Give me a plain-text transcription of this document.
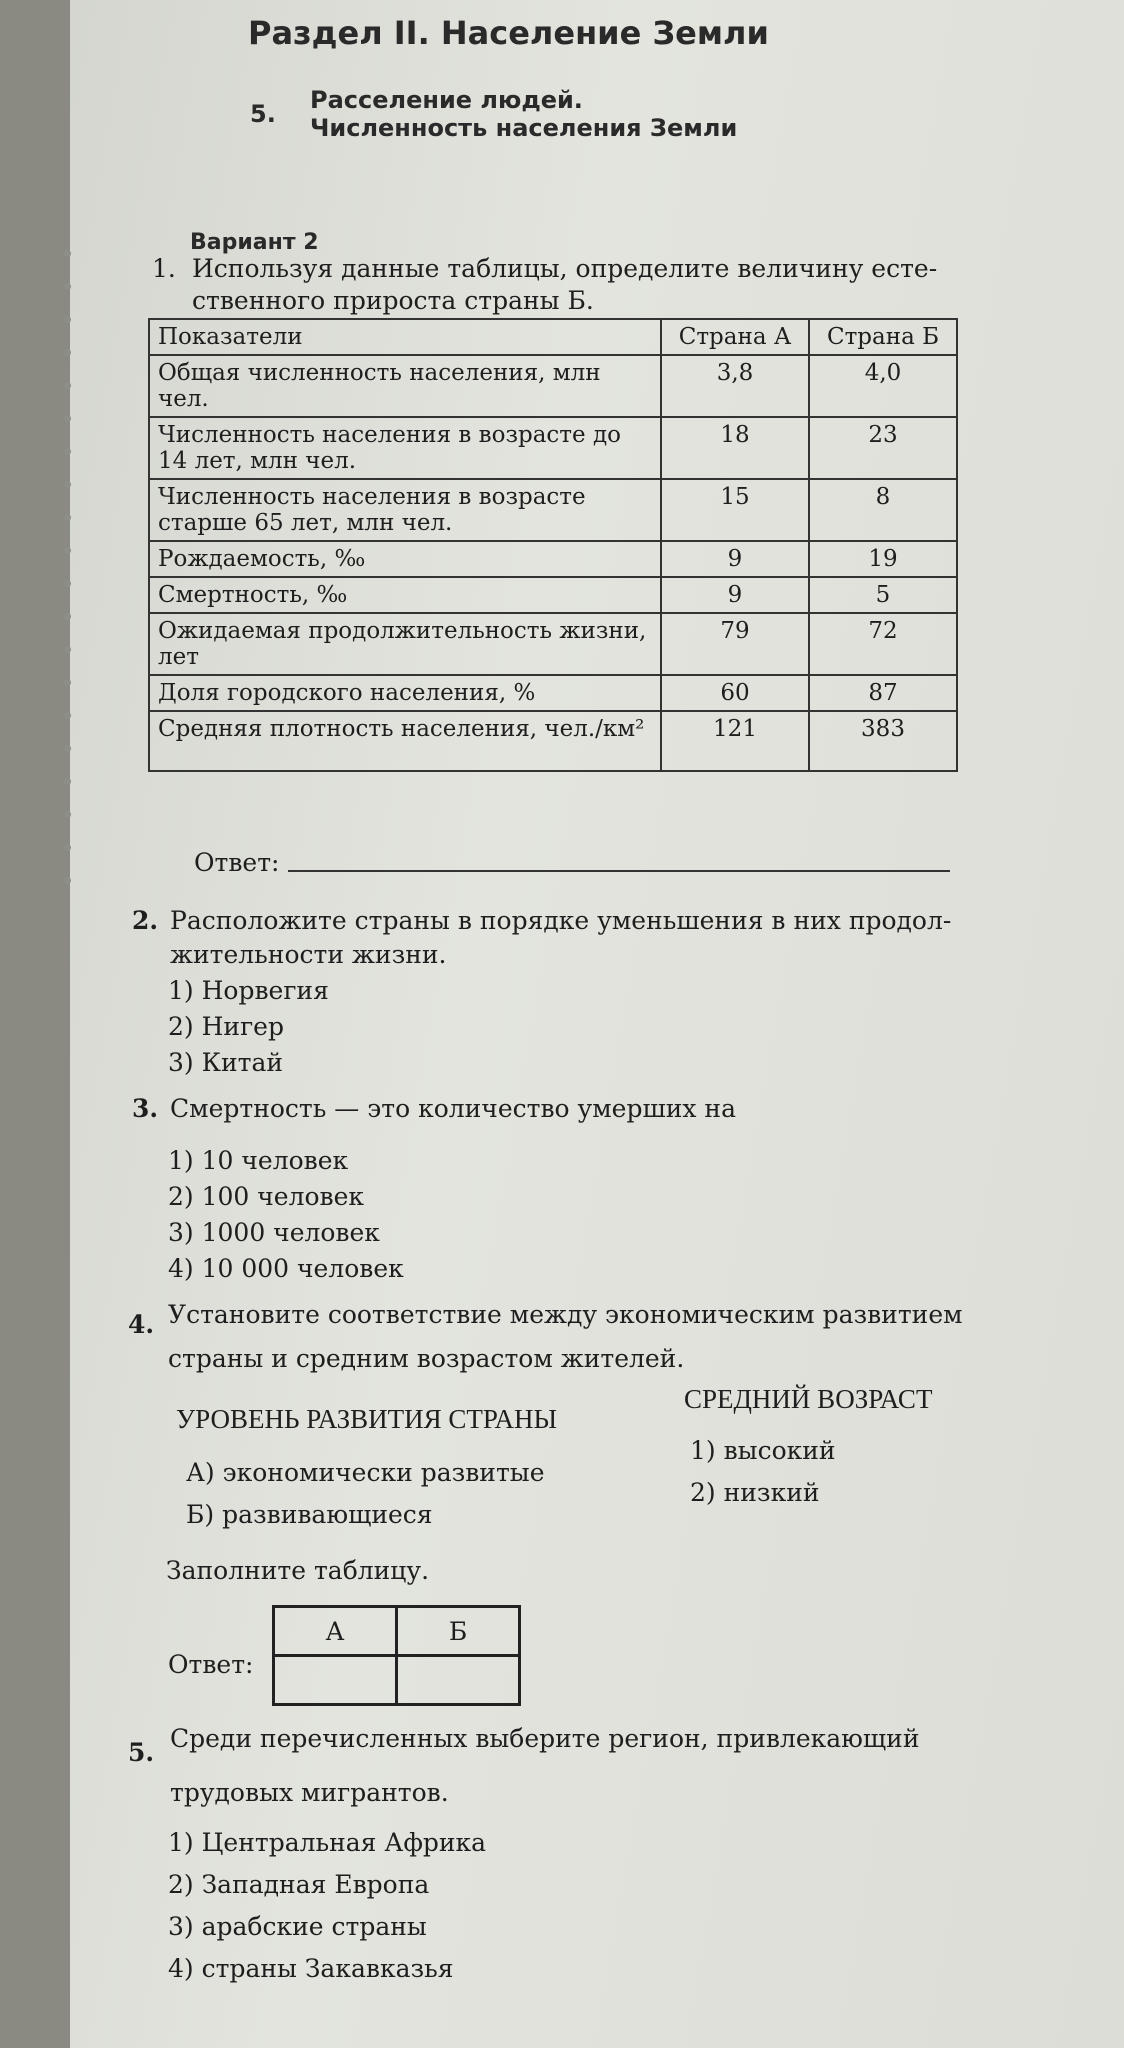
Раздел II. Население Земли
5. Расселение людей.
Численность населения Земли
Вариант 2
1. Используя данные таблицы, определите величину есте-
ственного прироста страны Б.
Показатели	Страна А	Страна Б
Общая численность населения, млн чел.	3,8	4,0
Численность населения в возрасте до 14 лет, млн чел.	18	23
Численность населения в возрасте старше 65 лет, млн чел.	15	8
Рождаемость, ‰	9	19
Смертность, ‰	9	5
Ожидаемая продолжительность жизни, лет	79	72
Доля городского населения, %	60	87
Средняя плотность населения, чел./км²	121	383
Ответ:
2. Расположите страны в порядке уменьшения в них продол-
жительности жизни.
1) Норвегия
2) Нигер
3) Китай
3. Смертность — это количество умерших на
1) 10 человек
2) 100 человек
3) 1000 человек
4) 10 000 человек
4. Установите соответствие между экономическим развитием
страны и средним возрастом жителей.
УРОВЕНЬ РАЗВИТИЯ СТРАНЫ
СРЕДНИЙ ВОЗРАСТ
А) экономически развитые
Б) развивающиеся
1) высокий
2) низкий
Заполните таблицу.
Ответ:
А	Б

5. Среди перечисленных выберите регион, привлекающий
трудовых мигрантов.
1) Центральная Африка
2) Западная Европа
3) арабские страны
4) страны Закавказья
